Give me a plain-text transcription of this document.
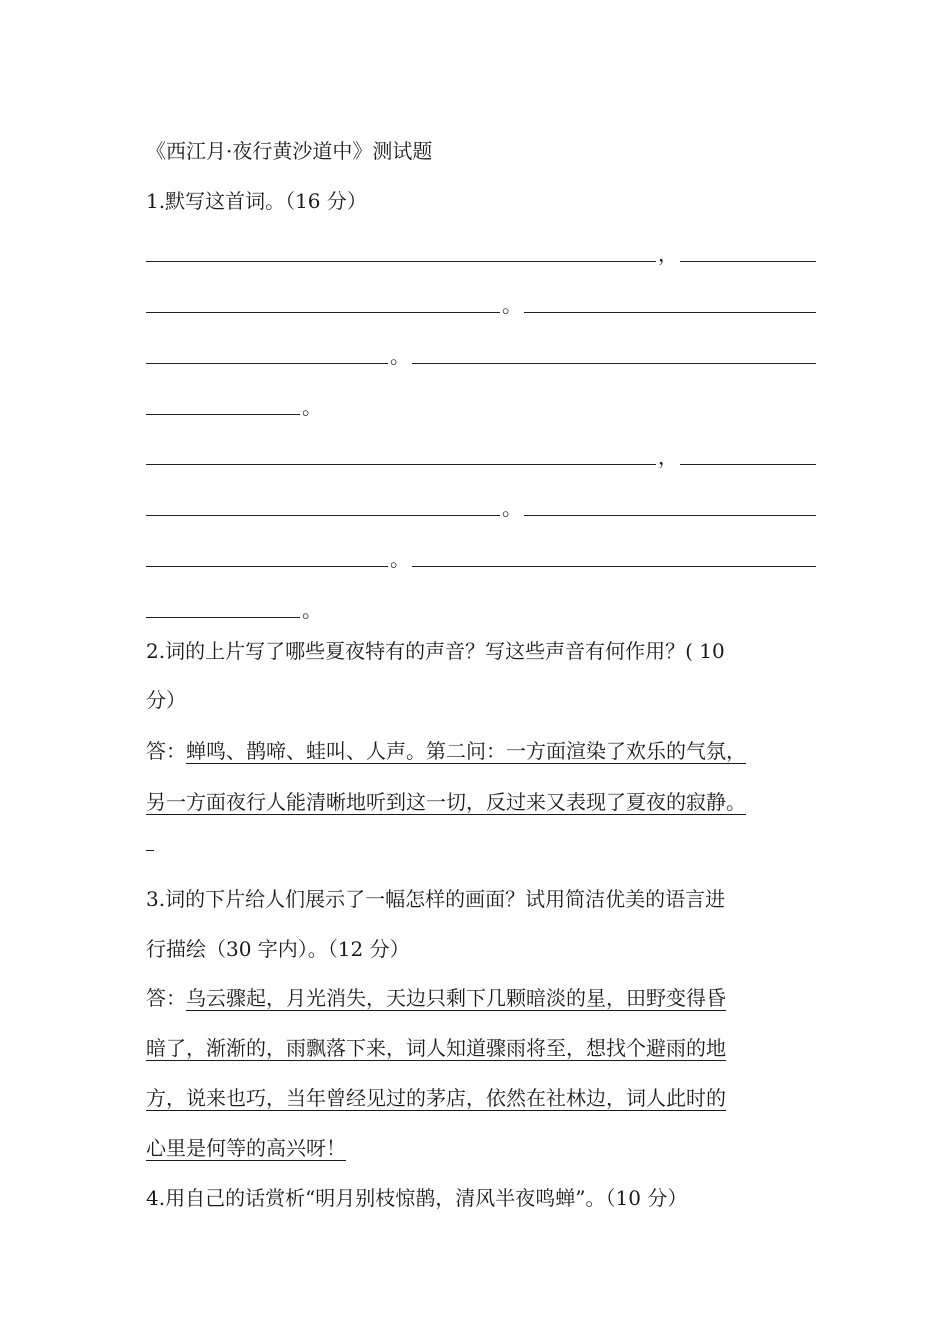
《西江月·夜行黄沙道中》测试题
1.默写这首词。（16 分）
，
。
。
。
，
。
。
。
2.词的上片写了哪些夏夜特有的声音？写这些声音有何作用？( 10
分）
答：蝉鸣、鹊啼、蛙叫、人声。第二问：一方面渲染了欢乐的气氛，
另一方面夜行人能清晰地听到这一切，反过来又表现了夏夜的寂静。
3.词的下片给人们展示了一幅怎样的画面？试用简洁优美的语言进
行描绘（30 字内）。（12 分）
答：乌云骤起，月光消失，天边只剩下几颗暗淡的星，田野变得昏
暗了，渐渐的，雨飘落下来，词人知道骤雨将至，想找个避雨的地
方，说来也巧，当年曾经见过的茅店，依然在社林边，词人此时的
心里是何等的高兴呀！
4.用自己的话赏析“明月别枝惊鹊，清风半夜鸣蝉”。（10 分）
